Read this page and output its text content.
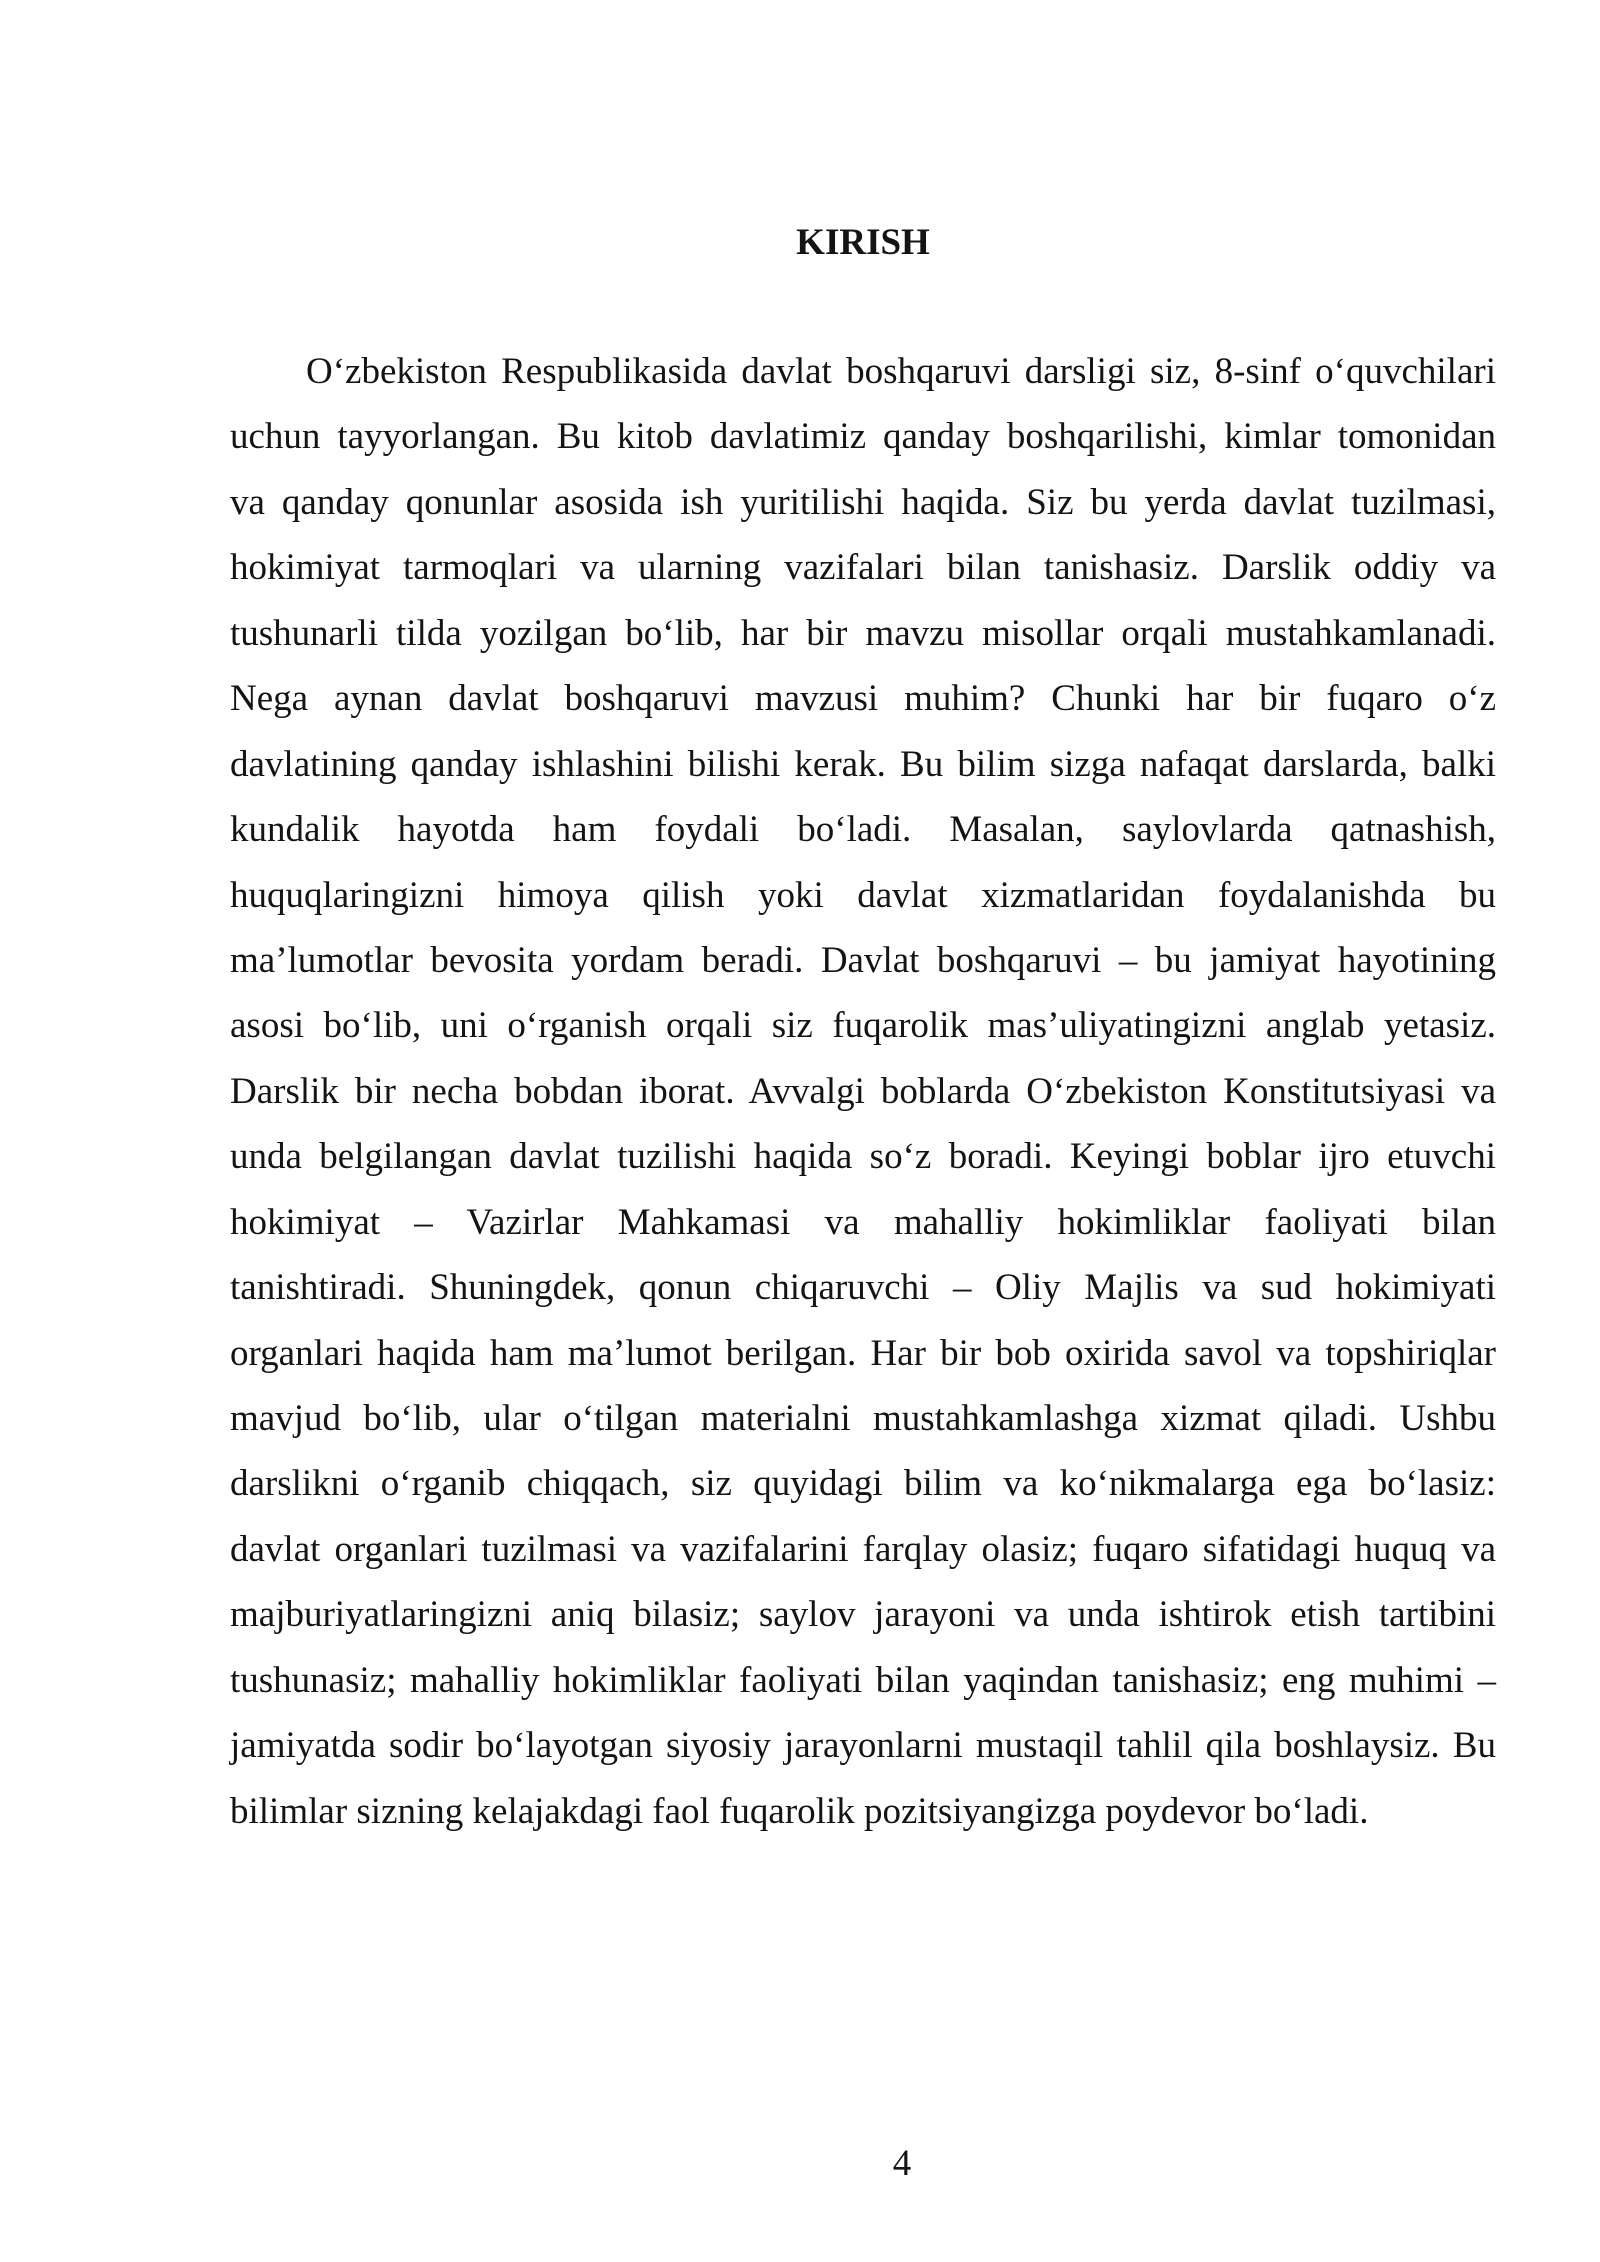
KIRISH
O‘zbekiston Respublikasida davlat boshqaruvi darsligi siz, 8-sinf o‘quvchilari
uchun tayyorlangan. Bu kitob davlatimiz qanday boshqarilishi, kimlar tomonidan
va qanday qonunlar asosida ish yuritilishi haqida. Siz bu yerda davlat tuzilmasi,
hokimiyat tarmoqlari va ularning vazifalari bilan tanishasiz. Darslik oddiy va
tushunarli tilda yozilgan bo‘lib, har bir mavzu misollar orqali mustahkamlanadi.
Nega aynan davlat boshqaruvi mavzusi muhim? Chunki har bir fuqaro o‘z
davlatining qanday ishlashini bilishi kerak. Bu bilim sizga nafaqat darslarda, balki
kundalik hayotda ham foydali bo‘ladi. Masalan, saylovlarda qatnashish,
huquqlaringizni himoya qilish yoki davlat xizmatlaridan foydalanishda bu
ma’lumotlar bevosita yordam beradi. Davlat boshqaruvi – bu jamiyat hayotining
asosi bo‘lib, uni o‘rganish orqali siz fuqarolik mas’uliyatingizni anglab yetasiz.
Darslik bir necha bobdan iborat. Avvalgi boblarda O‘zbekiston Konstitutsiyasi va
unda belgilangan davlat tuzilishi haqida so‘z boradi. Keyingi boblar ijro etuvchi
hokimiyat – Vazirlar Mahkamasi va mahalliy hokimliklar faoliyati bilan
tanishtiradi. Shuningdek, qonun chiqaruvchi – Oliy Majlis va sud hokimiyati
organlari haqida ham ma’lumot berilgan. Har bir bob oxirida savol va topshiriqlar
mavjud bo‘lib, ular o‘tilgan materialni mustahkamlashga xizmat qiladi. Ushbu
darslikni o‘rganib chiqqach, siz quyidagi bilim va ko‘nikmalarga ega bo‘lasiz:
davlat organlari tuzilmasi va vazifalarini farqlay olasiz; fuqaro sifatidagi huquq va
majburiyatlaringizni aniq bilasiz; saylov jarayoni va unda ishtirok etish tartibini
tushunasiz; mahalliy hokimliklar faoliyati bilan yaqindan tanishasiz; eng muhimi –
jamiyatda sodir bo‘layotgan siyosiy jarayonlarni mustaqil tahlil qila boshlaysiz. Bu
bilimlar sizning kelajakdagi faol fuqarolik pozitsiyangizga poydevor bo‘ladi.
4
